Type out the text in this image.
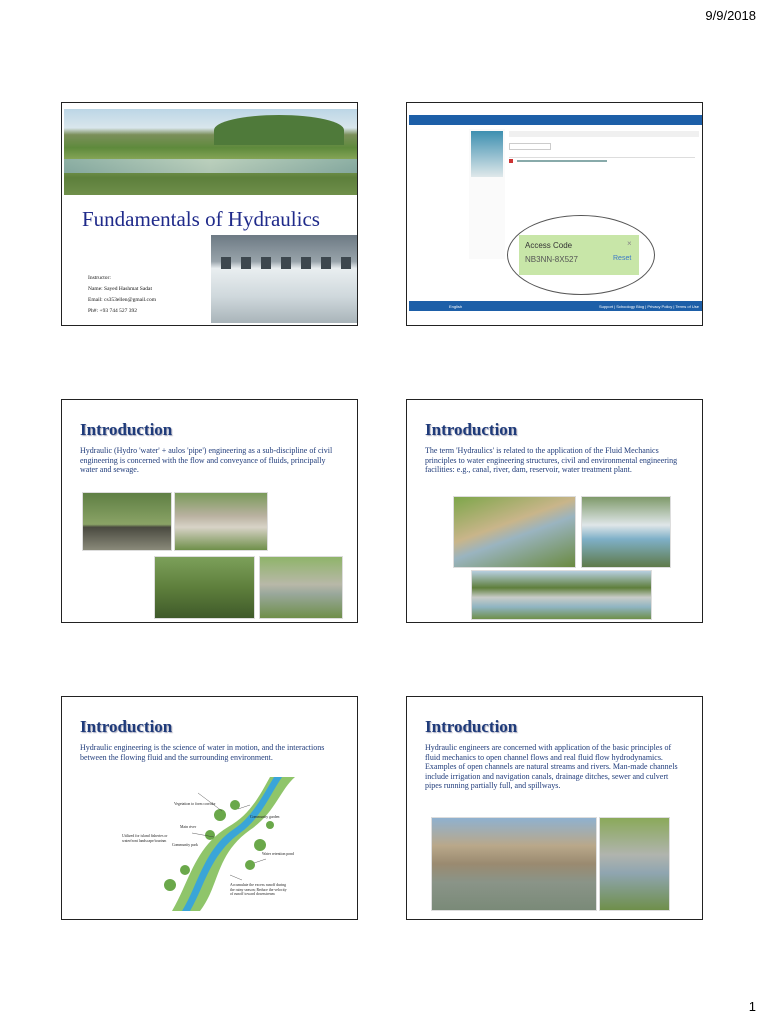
9/9/2018
Fundamentals of Hydraulics
Instructor:
Name: Sayed Hashmat Sadat
Email: cs353ellen@gmail.com
Ph#: +93 744 527 392
Access Code	×
NB3NN-8X527	Reset
English	Support | Schoology Blog | Privacy Policy | Terms of Use
Introduction
Hydraulic (Hydro 'water' + aulos 'pipe') engineering as a sub-discipline of civil engineering is concerned with the flow and conveyance of fluids, principally water and sewage.
Introduction
The term 'Hydraulics' is related to the application of the Fluid Mechanics principles to water engineering structures, civil and environmental engineering facilities: e.g., canal, river, dam, reservoir, water treatment plant.
Introduction
Hydraulic engineering is the science of water in motion, and the interactions between the flowing fluid and the surrounding environment.
Vegetation to form corridor
Community garden
Main river
Community park
Utilized for island fisheries or waterfront landscape/tourism
Water retention pond
Accumulate the excess runoff during the rainy season; Reduce the velocity of runoff toward downstream
Introduction
Hydraulic engineers are concerned with application of the basic principles of fluid mechanics to open channel flows and real fluid flow hydrodynamics. Examples of open channels are natural streams and rivers. Man-made channels include irrigation and navigation canals, drainage ditches, sewer and culvert pipes running partially full, and spillways.
1
